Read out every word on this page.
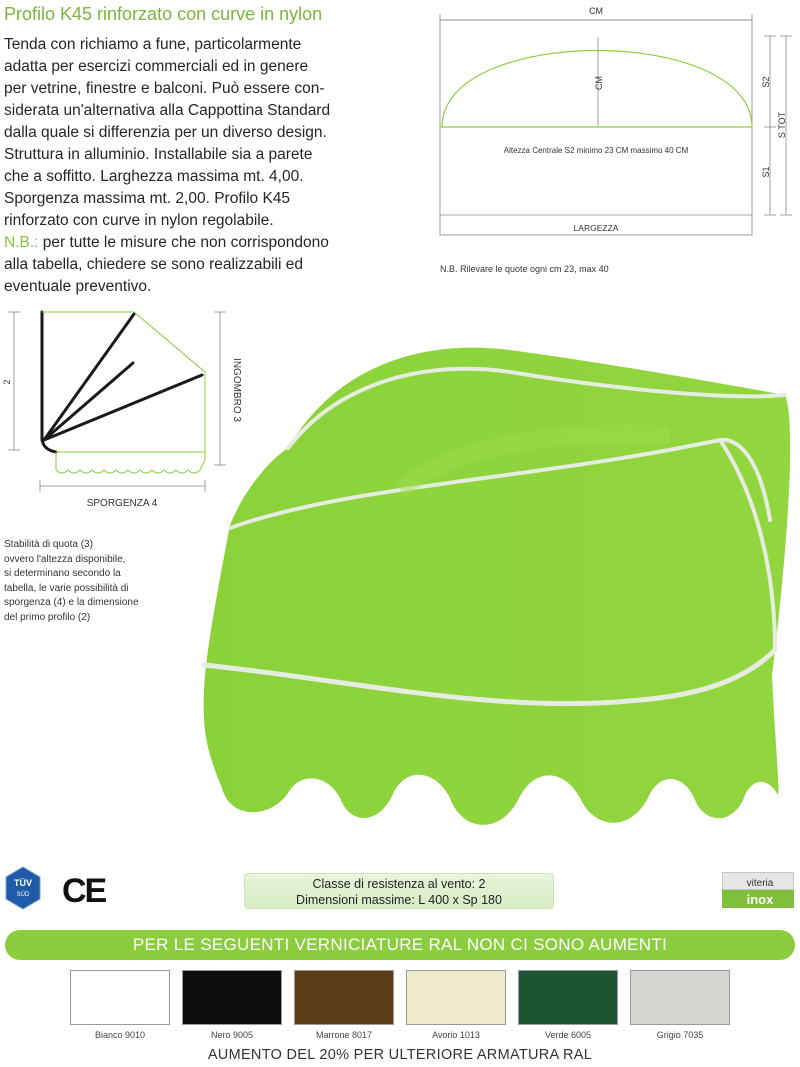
Profilo K45 rinforzato con curve in nylon
Tenda con richiamo a fune, particolarmente
adatta per esercizi commerciali ed in genere
per vetrine, finestre e balconi. Può essere con-
siderata un'alternativa alla Cappottina Standard
dalla quale si differenzia per un diverso design.
Struttura in alluminio. Installabile sia a parete
che a soffitto. Larghezza massima mt. 4,00.
Sporgenza massima mt. 2,00. Profilo K45
rinforzato con curve in nylon regolabile.
N.B.: per tutte le misure che non corrispondono
alla tabella, chiedere se sono realizzabili ed
eventuale preventivo.
CM
CM	S2
S1
S TOT
Altezza Centrale S2 minimo 23 CM massimo 40 CM
LARGEZZA
N.B. Rilevare le quote ogni cm 23, max 40
2	INGOMBRO 3
SPORGENZA 4
Stabilità di quota (3)
ovvero l'altezza disponibile,
si determinano secondo la
tabella, le varie possibilità di
sporgenza (4) e la dimensione
del primo profilo (2)
TÜV
SÜD CE	Classe di resistenza al vento: 2
Dimensioni massime: L 400 x Sp 180
viteria
inox
PER LE SEGUENTI VERNICIATURE RAL NON CI SONO AUMENTI
Bianco 9010	Nero 9005	Marrone 8017	Avorio 1013	Verde 6005	Grigio 7035
AUMENTO DEL 20% PER ULTERIORE ARMATURA RAL
